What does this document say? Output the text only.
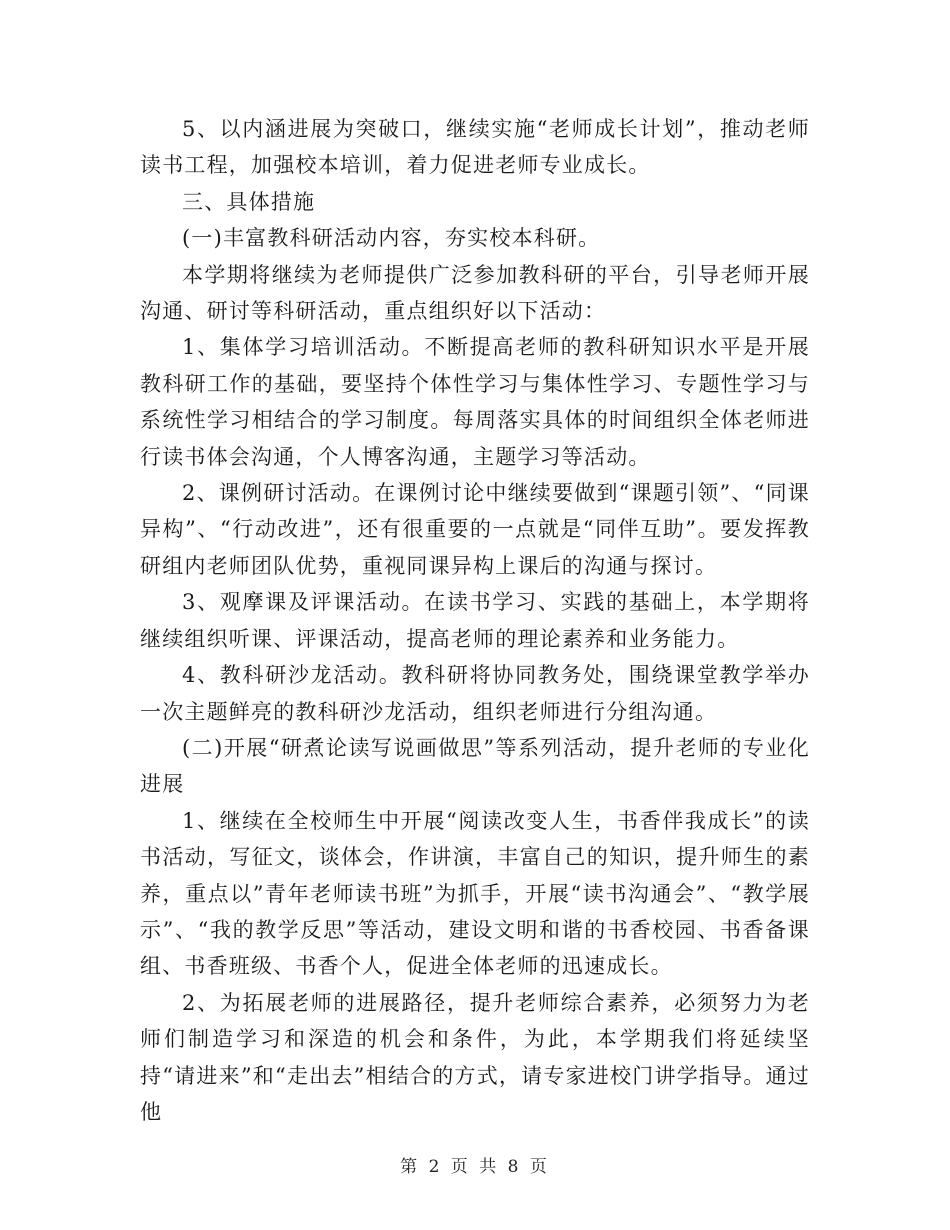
5、以内涵进展为突破口，继续实施“老师成长计划”，推动老师读书工程，加强校本培训，着力促进老师专业成长。

三、具体措施

(一)丰富教科研活动内容，夯实校本科研。

本学期将继续为老师提供广泛参加教科研的平台，引导老师开展沟通、研讨等科研活动，重点组织好以下活动：

1、集体学习培训活动。不断提高老师的教科研知识水平是开展教科研工作的基础，要坚持个体性学习与集体性学习、专题性学习与系统性学习相结合的学习制度。每周落实具体的时间组织全体老师进行读书体会沟通，个人博客沟通，主题学习等活动。

2、课例研讨活动。在课例讨论中继续要做到“课题引领”、“同课异构”、“行动改进”，还有很重要的一点就是“同伴互助”。要发挥教研组内老师团队优势，重视同课异构上课后的沟通与探讨。

3、观摩课及评课活动。在读书学习、实践的基础上，本学期将继续组织听课、评课活动，提高老师的理论素养和业务能力。

4、教科研沙龙活动。教科研将协同教务处，围绕课堂教学举办一次主题鲜亮的教科研沙龙活动，组织老师进行分组沟通。

(二)开展“研煮论读写说画做思”等系列活动，提升老师的专业化进展

1、继续在全校师生中开展“阅读改变人生，书香伴我成长”的读书活动，写征文，谈体会，作讲演，丰富自己的知识，提升师生的素养，重点以”青年老师读书班”为抓手，开展“读书沟通会”、“教学展示”、“我的教学反思”等活动，建设文明和谐的书香校园、书香备课组、书香班级、书香个人，促进全体老师的迅速成长。

2、为拓展老师的进展路径，提升老师综合素养，必须努力为老师们制造学习和深造的机会和条件，为此，本学期我们将延续坚持“请进来”和“走出去”相结合的方式，请专家进校门讲学指导。通过他

第 2 页 共 8 页
